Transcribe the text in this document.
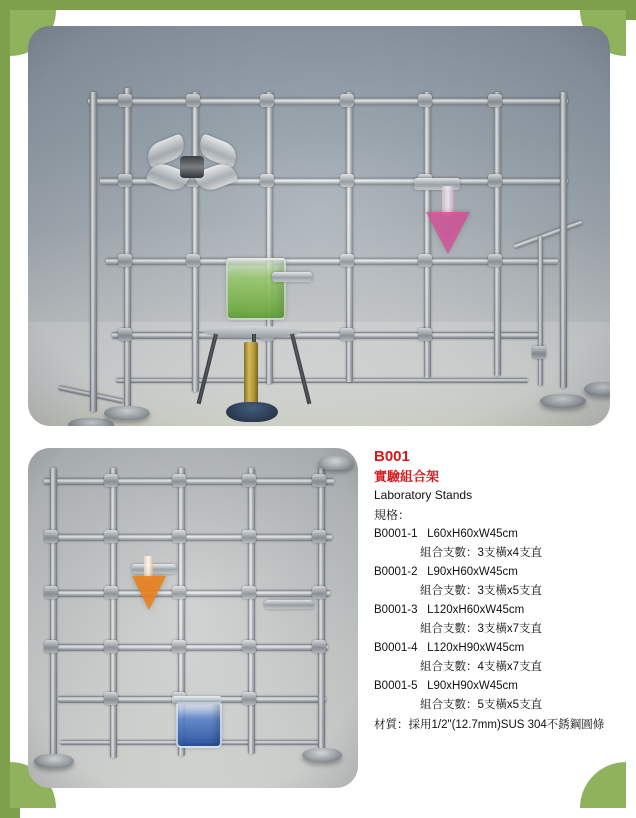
B001
實驗組合架
Laboratory Stands
規格：
B0001-1 L60xH60xW45cm
組合支數：3支橫x4支直
B0001-2 L90xH60xW45cm
組合支數：3支橫x5支直
B0001-3 L120xH60xW45cm
組合支數：3支橫x7支直
B0001-4 L120xH90xW45cm
組合支數：4支橫x7支直
B0001-5 L90xH90xW45cm
組合支數：5支橫x5支直
材質：採用1/2"(12.7mm)SUS 304不銹鋼圓條
